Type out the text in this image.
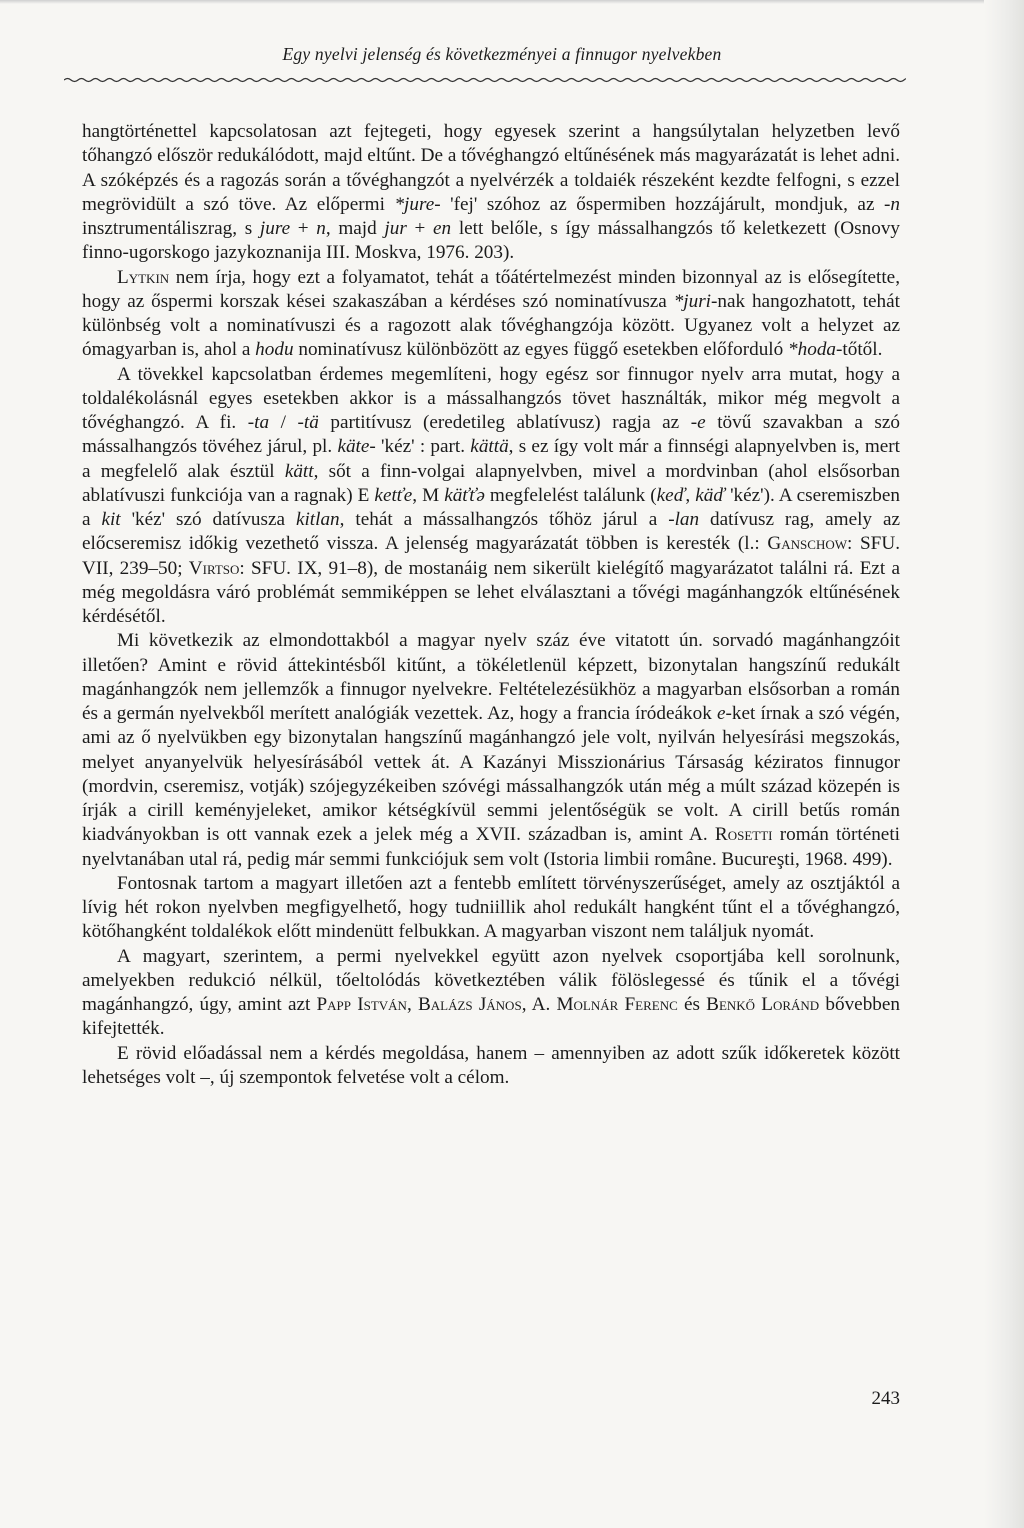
Egy nyelvi jelenség és következményei a finnugor nyelvekben

hangtörténettel kapcsolatosan azt fejtegeti, hogy egyesek szerint a hangsúlytalan helyzetben levő tőhangzó először redukálódott, majd eltűnt. De a tővéghangzó eltűnésének más magyarázatát is lehet adni. A szóképzés és a ragozás során a tővéghangzót a nyelvérzék a toldaiék részeként kezdte felfogni, s ezzel megrövidült a szó töve. Az előpermi *jure- 'fej' szóhoz az őspermiben hozzájárult, mondjuk, az -n insztrumentáliszrag, s jure + n, majd jur + en lett belőle, s így mássalhangzós tő keletkezett (Osnovy finno-ugorskogo jazykoznanija III. Moskva, 1976. 203).

Lytkin nem írja, hogy ezt a folyamatot, tehát a tőátértelmezést minden bizonnyal az is elősegítette, hogy az őspermi korszak kései szakaszában a kérdéses szó nominatívusza *juri-nak hangozhatott, tehát különbség volt a nominatívuszi és a ragozott alak tővéghangzója között. Ugyanez volt a helyzet az ómagyarban is, ahol a hodu nominatívusz különbözött az egyes függő esetekben előforduló *hoda-tőtől.

A tövekkel kapcsolatban érdemes megemlíteni, hogy egész sor finnugor nyelv arra mutat, hogy a toldalékolásnál egyes esetekben akkor is a mássalhangzós tövet használták, mikor még megvolt a tővéghangzó. A fi. -ta / -tä partitívusz (eredetileg ablatívusz) ragja az -e tövű szavakban a szó mássalhangzós tövéhez járul, pl. käte- 'kéz' : part. kättä, s ez így volt már a finnségi alapnyelvben is, mert a megfelelő alak észtül kätt, sőt a finn-volgai alapnyelvben, mivel a mordvinban (ahol elsősorban ablatívuszi funkciója van a ragnak) E ketťe, M käťťə megfelelést találunk (keď, käď 'kéz'). A cseremiszben a kit 'kéz' szó datívusza kitlan, tehát a mássalhangzós tőhöz járul a -lan datívusz rag, amely az előcseremisz időkig vezethető vissza. A jelenség magyarázatát többen is keresték (l.: Ganschow: SFU. VII, 239–50; Virtso: SFU. IX, 91–8), de mostanáig nem sikerült kielégítő magyarázatot találni rá. Ezt a még megoldásra váró problémát semmiképpen se lehet elválasztani a tővégi magánhangzók eltűnésének kérdésétől.

Mi következik az elmondottakból a magyar nyelv száz éve vitatott ún. sorvadó magánhangzóit illetően? Amint e rövid áttekintésből kitűnt, a tökéletlenül képzett, bizonytalan hangszínű redukált magánhangzók nem jellemzők a finnugor nyelvekre. Feltételezésükhöz a magyarban elsősorban a román és a germán nyelvekből merített analógiák vezettek. Az, hogy a francia íródeákok e-ket írnak a szó végén, ami az ő nyelvükben egy bizonytalan hangszínű magánhangzó jele volt, nyilván helyesírási megszokás, melyet anyanyelvük helyesírásából vettek át. A Kazányi Misszionárius Társaság kéziratos finnugor (mordvin, cseremisz, votják) szójegyzékeiben szóvégi mássalhangzók után még a múlt század közepén is írják a cirill keményjeleket, amikor kétségkívül semmi jelentőségük se volt. A cirill betűs román kiadványokban is ott vannak ezek a jelek még a XVII. században is, amint A. Rosetti román történeti nyelvtanában utal rá, pedig már semmi funkciójuk sem volt (Istoria limbii române. Bucureşti, 1968. 499).

Fontosnak tartom a magyart illetően azt a fentebb említett törvényszerűséget, amely az osztjáktól a lívig hét rokon nyelvben megfigyelhető, hogy tudniillik ahol redukált hangként tűnt el a tővéghangzó, kötőhangként toldalékok előtt mindenütt felbukkan. A magyarban viszont nem találjuk nyomát.

A magyart, szerintem, a permi nyelvekkel együtt azon nyelvek csoportjába kell sorolnunk, amelyekben redukció nélkül, tőeltolódás következtében válik fölöslegessé és tűnik el a tővégi magánhangzó, úgy, amint azt Papp István, Balázs János, A. Molnár Ferenc és Benkő Loránd bővebben kifejtették.

E rövid előadással nem a kérdés megoldása, hanem – amennyiben az adott szűk időkeretek között lehetséges volt –, új szempontok felvetése volt a célom.

243
